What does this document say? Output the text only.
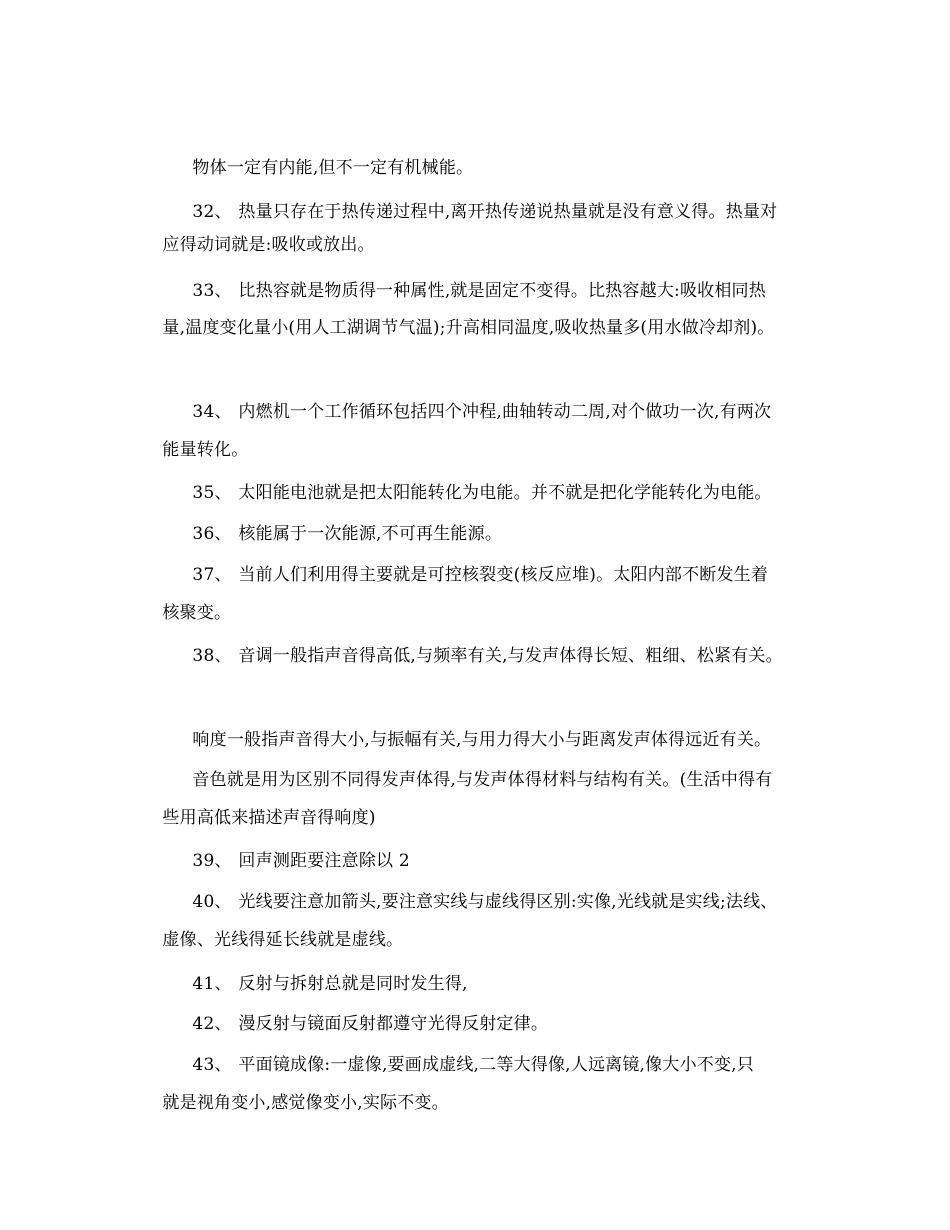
物体一定有内能,但不一定有机械能。

32、 热量只存在于热传递过程中,离开热传递说热量就是没有意义得。热量对

应得动词就是:吸收或放出。

33、 比热容就是物质得一种属性,就是固定不变得。比热容越大:吸收相同热

量,温度变化量小(用人工湖调节气温);升高相同温度,吸收热量多(用水做冷却剂)。

34、 内燃机一个工作循环包括四个冲程,曲轴转动二周,对个做功一次,有两次

能量转化。

35、 太阳能电池就是把太阳能转化为电能。并不就是把化学能转化为电能。

36、 核能属于一次能源,不可再生能源。

37、 当前人们利用得主要就是可控核裂变(核反应堆)。太阳内部不断发生着

核聚变。

38、 音调一般指声音得高低,与频率有关,与发声体得长短、粗细、松紧有关。

响度一般指声音得大小,与振幅有关,与用力得大小与距离发声体得远近有关。

音色就是用为区别不同得发声体得,与发声体得材料与结构有关。(生活中得有

些用高低来描述声音得响度)

39、 回声测距要注意除以 2

40、 光线要注意加箭头,要注意实线与虚线得区别:实像,光线就是实线;法线、

虚像、光线得延长线就是虚线。

41、 反射与拆射总就是同时发生得,

42、 漫反射与镜面反射都遵守光得反射定律。

43、 平面镜成像:一虚像,要画成虚线,二等大得像,人远离镜,像大小不变,只

就是视角变小,感觉像变小,实际不变。
